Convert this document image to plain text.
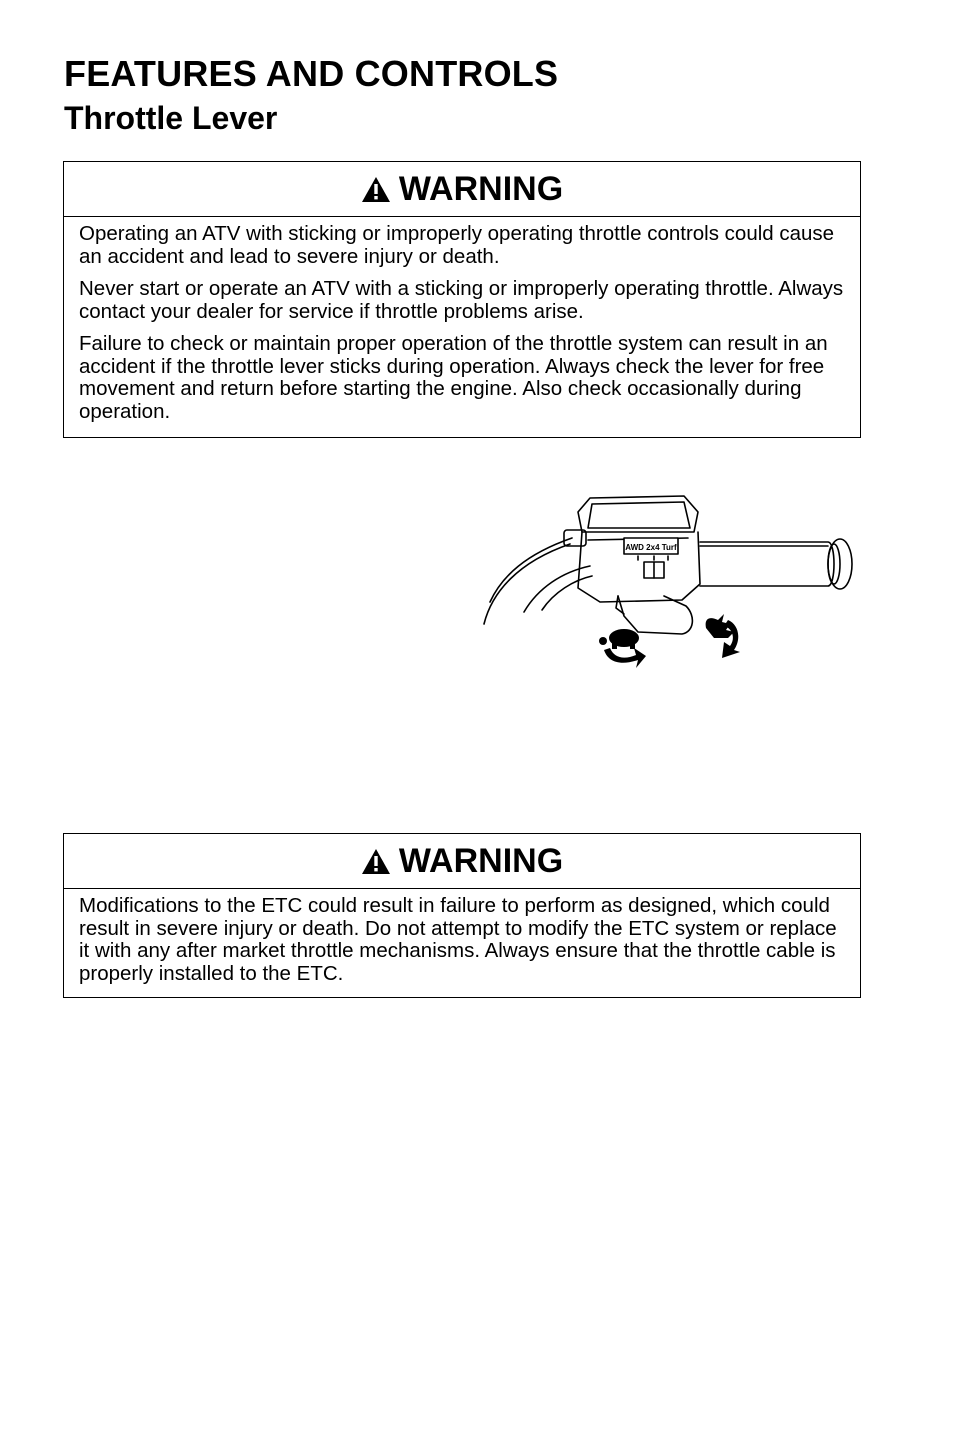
FEATURES AND CONTROLS
Throttle Lever
WARNING

Operating an ATV with sticking or improperly operating throttle controls could cause an accident and lead to severe injury or death.

Never start or operate an ATV with a sticking or improperly operating throttle. Always contact your dealer for service if throttle problems arise.

Failure to check or maintain proper operation of the throttle system can result in an accident if the throttle lever sticks during operation. Always check the lever for free movement and return before starting the engine. Also check occasionally during operation.

AWD 2x4 Turf
WARNING

Modifications to the ETC could result in failure to perform as designed, which could result in severe injury or death. Do not attempt to modify the ETC system or replace it with any after market throttle mechanisms. Always ensure that the throttle cable is properly installed to the ETC.
